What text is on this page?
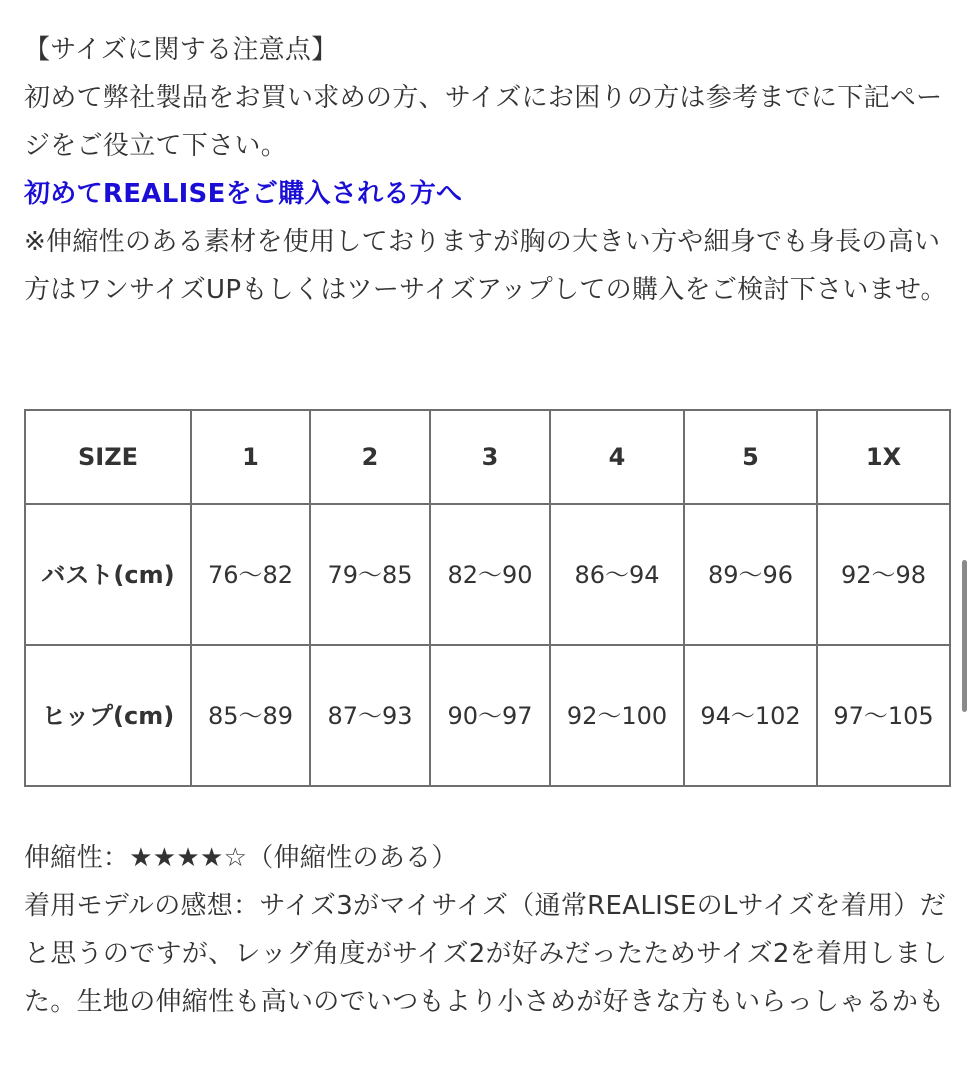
【サイズに関する注意点】

初めて弊社製品をお買い求めの方、サイズにお困りの方は参考までに下記ページをご役立て下さい。

初めてREALISEをご購入される方へ

※伸縮性のある素材を使用しておりますが胸の大きい方や細身でも身長の高い方はワンサイズUPもしくはツーサイズアップしての購入をご検討下さいませ。

SIZE	1	2	3	4	5	1X
バスト(cm)	76〜82	79〜85	82〜90	86〜94	89〜96	92〜98
ヒップ(cm)	85〜89	87〜93	90〜97	92〜100	94〜102	97〜105

伸縮性：★★★★☆（伸縮性のある）

着用モデルの感想：サイズ3がマイサイズ（通常REALISEのLサイズを着用）だと思うのですが、レッグ角度がサイズ2が好みだったためサイズ2を着用しました。生地の伸縮性も高いのでいつもより小さめが好きな方もいらっしゃるかも
